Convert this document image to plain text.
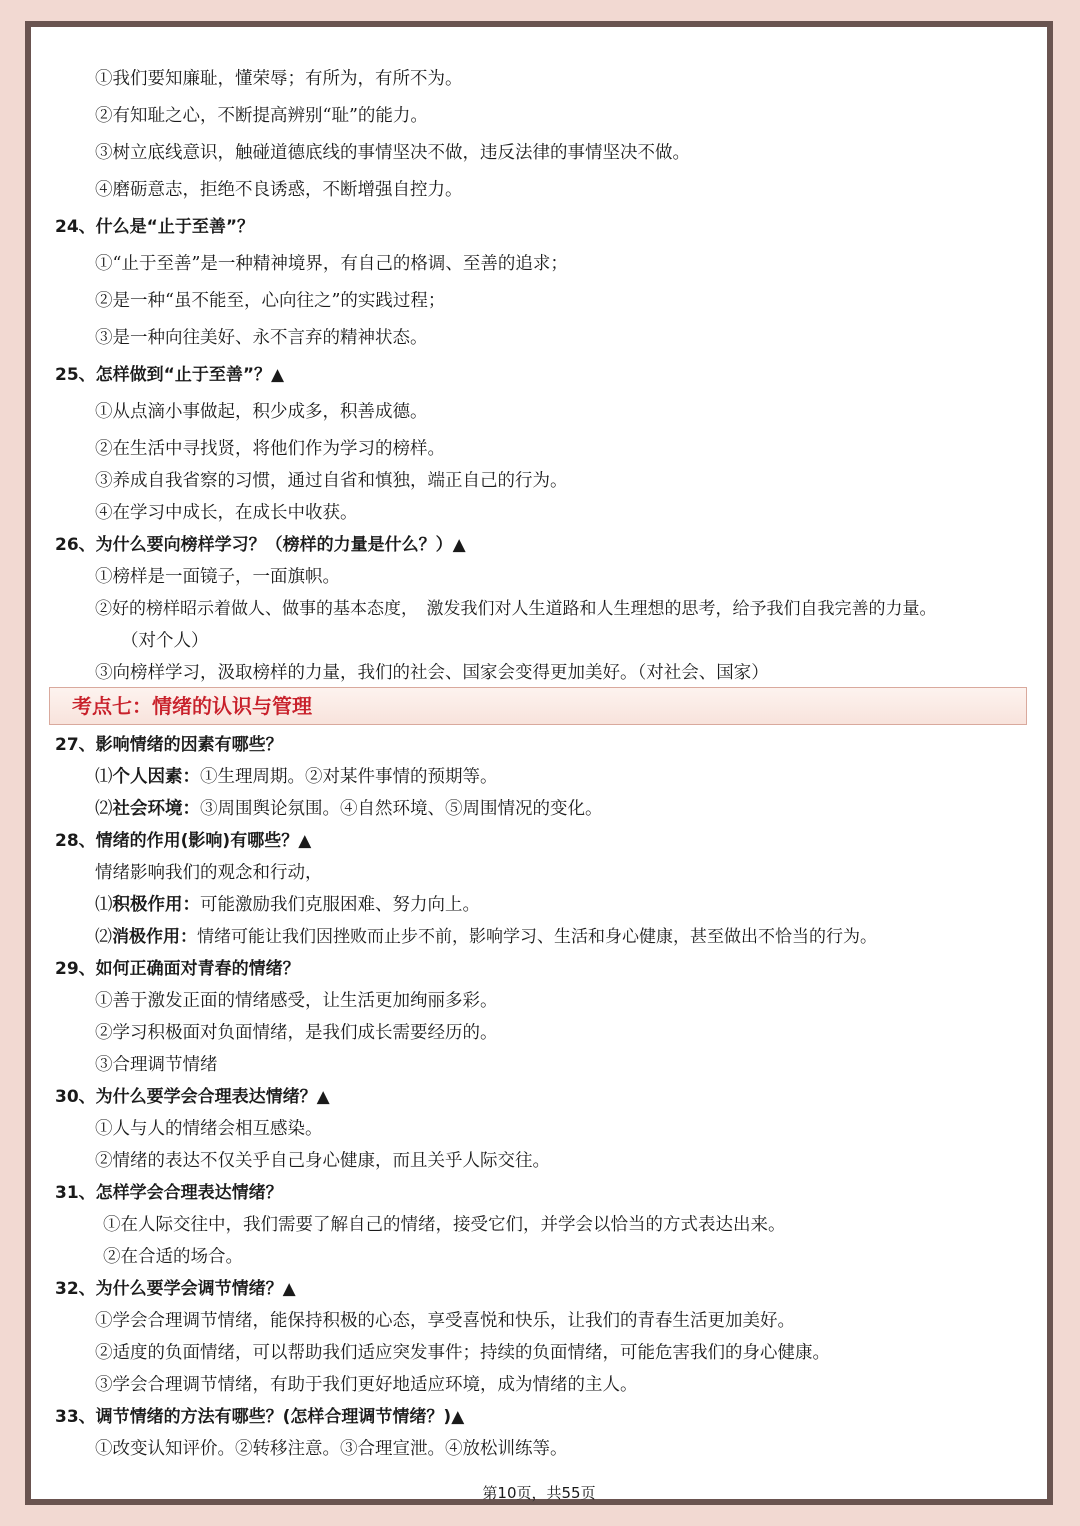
①我们要知廉耻，懂荣辱；有所为，有所不为。
②有知耻之心，不断提高辨别“耻”的能力。
③树立底线意识，触碰道德底线的事情坚决不做，违反法律的事情坚决不做。
④磨砺意志，拒绝不良诱惑，不断增强自控力。
24、什么是“止于至善”？
①“止于至善”是一种精神境界，有自己的格调、至善的追求；
②是一种“虽不能至，心向往之”的实践过程；
③是一种向往美好、永不言弃的精神状态。
25、怎样做到“止于至善”？▲
①从点滴小事做起，积少成多，积善成德。
②在生活中寻找贤，将他们作为学习的榜样。
③养成自我省察的习惯，通过自省和慎独，端正自己的行为。
④在学习中成长，在成长中收获。
26、为什么要向榜样学习？（榜样的力量是什么？）▲
①榜样是一面镜子，一面旗帜。
②好的榜样昭示着做人、做事的基本态度，　激发我们对人生道路和人生理想的思考，给予我们自我完善的力量。
（对个人）
③向榜样学习，汲取榜样的力量，我们的社会、国家会变得更加美好。（对社会、国家）
考点七：情绪的认识与管理
27、影响情绪的因素有哪些？
⑴个人因素：①生理周期。②对某件事情的预期等。
⑵社会环境：③周围舆论氛围。④自然环境、⑤周围情况的变化。
28、情绪的作用(影响)有哪些？▲
情绪影响我们的观念和行动，
⑴积极作用：可能激励我们克服困难、努力向上。
⑵消极作用：情绪可能让我们因挫败而止步不前，影响学习、生活和身心健康，甚至做出不恰当的行为。
29、如何正确面对青春的情绪？
①善于激发正面的情绪感受，让生活更加绚丽多彩。
②学习积极面对负面情绪，是我们成长需要经历的。
③合理调节情绪
30、为什么要学会合理表达情绪？▲
①人与人的情绪会相互感染。
②情绪的表达不仅关乎自己身心健康，而且关乎人际交往。
31、怎样学会合理表达情绪？
①在人际交往中，我们需要了解自己的情绪，接受它们，并学会以恰当的方式表达出来。
②在合适的场合。
32、为什么要学会调节情绪？▲
①学会合理调节情绪，能保持积极的心态，享受喜悦和快乐，让我们的青春生活更加美好。
②适度的负面情绪，可以帮助我们适应突发事件；持续的负面情绪，可能危害我们的身心健康。
③学会合理调节情绪，有助于我们更好地适应环境，成为情绪的主人。
33、调节情绪的方法有哪些？(怎样合理调节情绪？)▲
①改变认知评价。②转移注意。③合理宣泄。④放松训练等。
第10页，共55页
